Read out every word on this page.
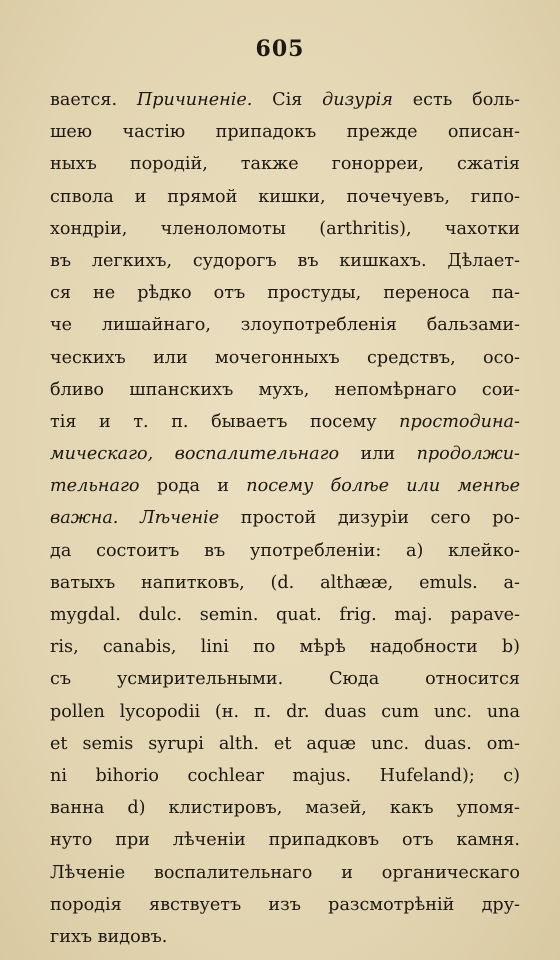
605
вается. Причиненіе. Сія дизурія есть боль-
шею частію припадокъ прежде описан-
ныхъ породій, также гонорреи, сжатія
спвола и прямой кишки, почечуевъ, гипо-
хондріи, членоломоты (arthritis), чахотки
въ легкихъ, судорогъ въ кишкахъ. Дѣлает-
ся не рѣдко отъ простуды, переноса па-
че лишайнаго, злоупотребленія бальзами-
ческихъ или мочегонныхъ средствъ, осо-
бливо шпанскихъ мухъ, непомѣрнаго сои-
тія и т. п. бываетъ посему простодина-
мическаго, воспалительнаго или продолжи-
тельнаго рода и посему болѣе или менѣе
важна. Лѣченіе простой дизуріи сего ро-
да состоитъ въ употребленіи: а) клейко-
ватыхъ напитковъ, (d. althææ, emuls. a-
mygdal. dulc. semin. quat. frig. maj. papave-
ris, canabis, lini по мѣрѣ надобности b)
съ усмирительными. Сюда относится
pollen lycopodii (н. п. dr. duas cum unc. una
et semis syrupi alth. et aquæ unc. duas. om-
ni bihorio cochlear majus. Hufeland); с)
ванна d) клистировъ, мазей, какъ упомя-
нуто при лѣченіи припадковъ отъ камня.
Лѣченіе воспалительнаго и органическаго
породія явствуетъ изъ разсмотрѣній дру-
гихъ видовъ.
